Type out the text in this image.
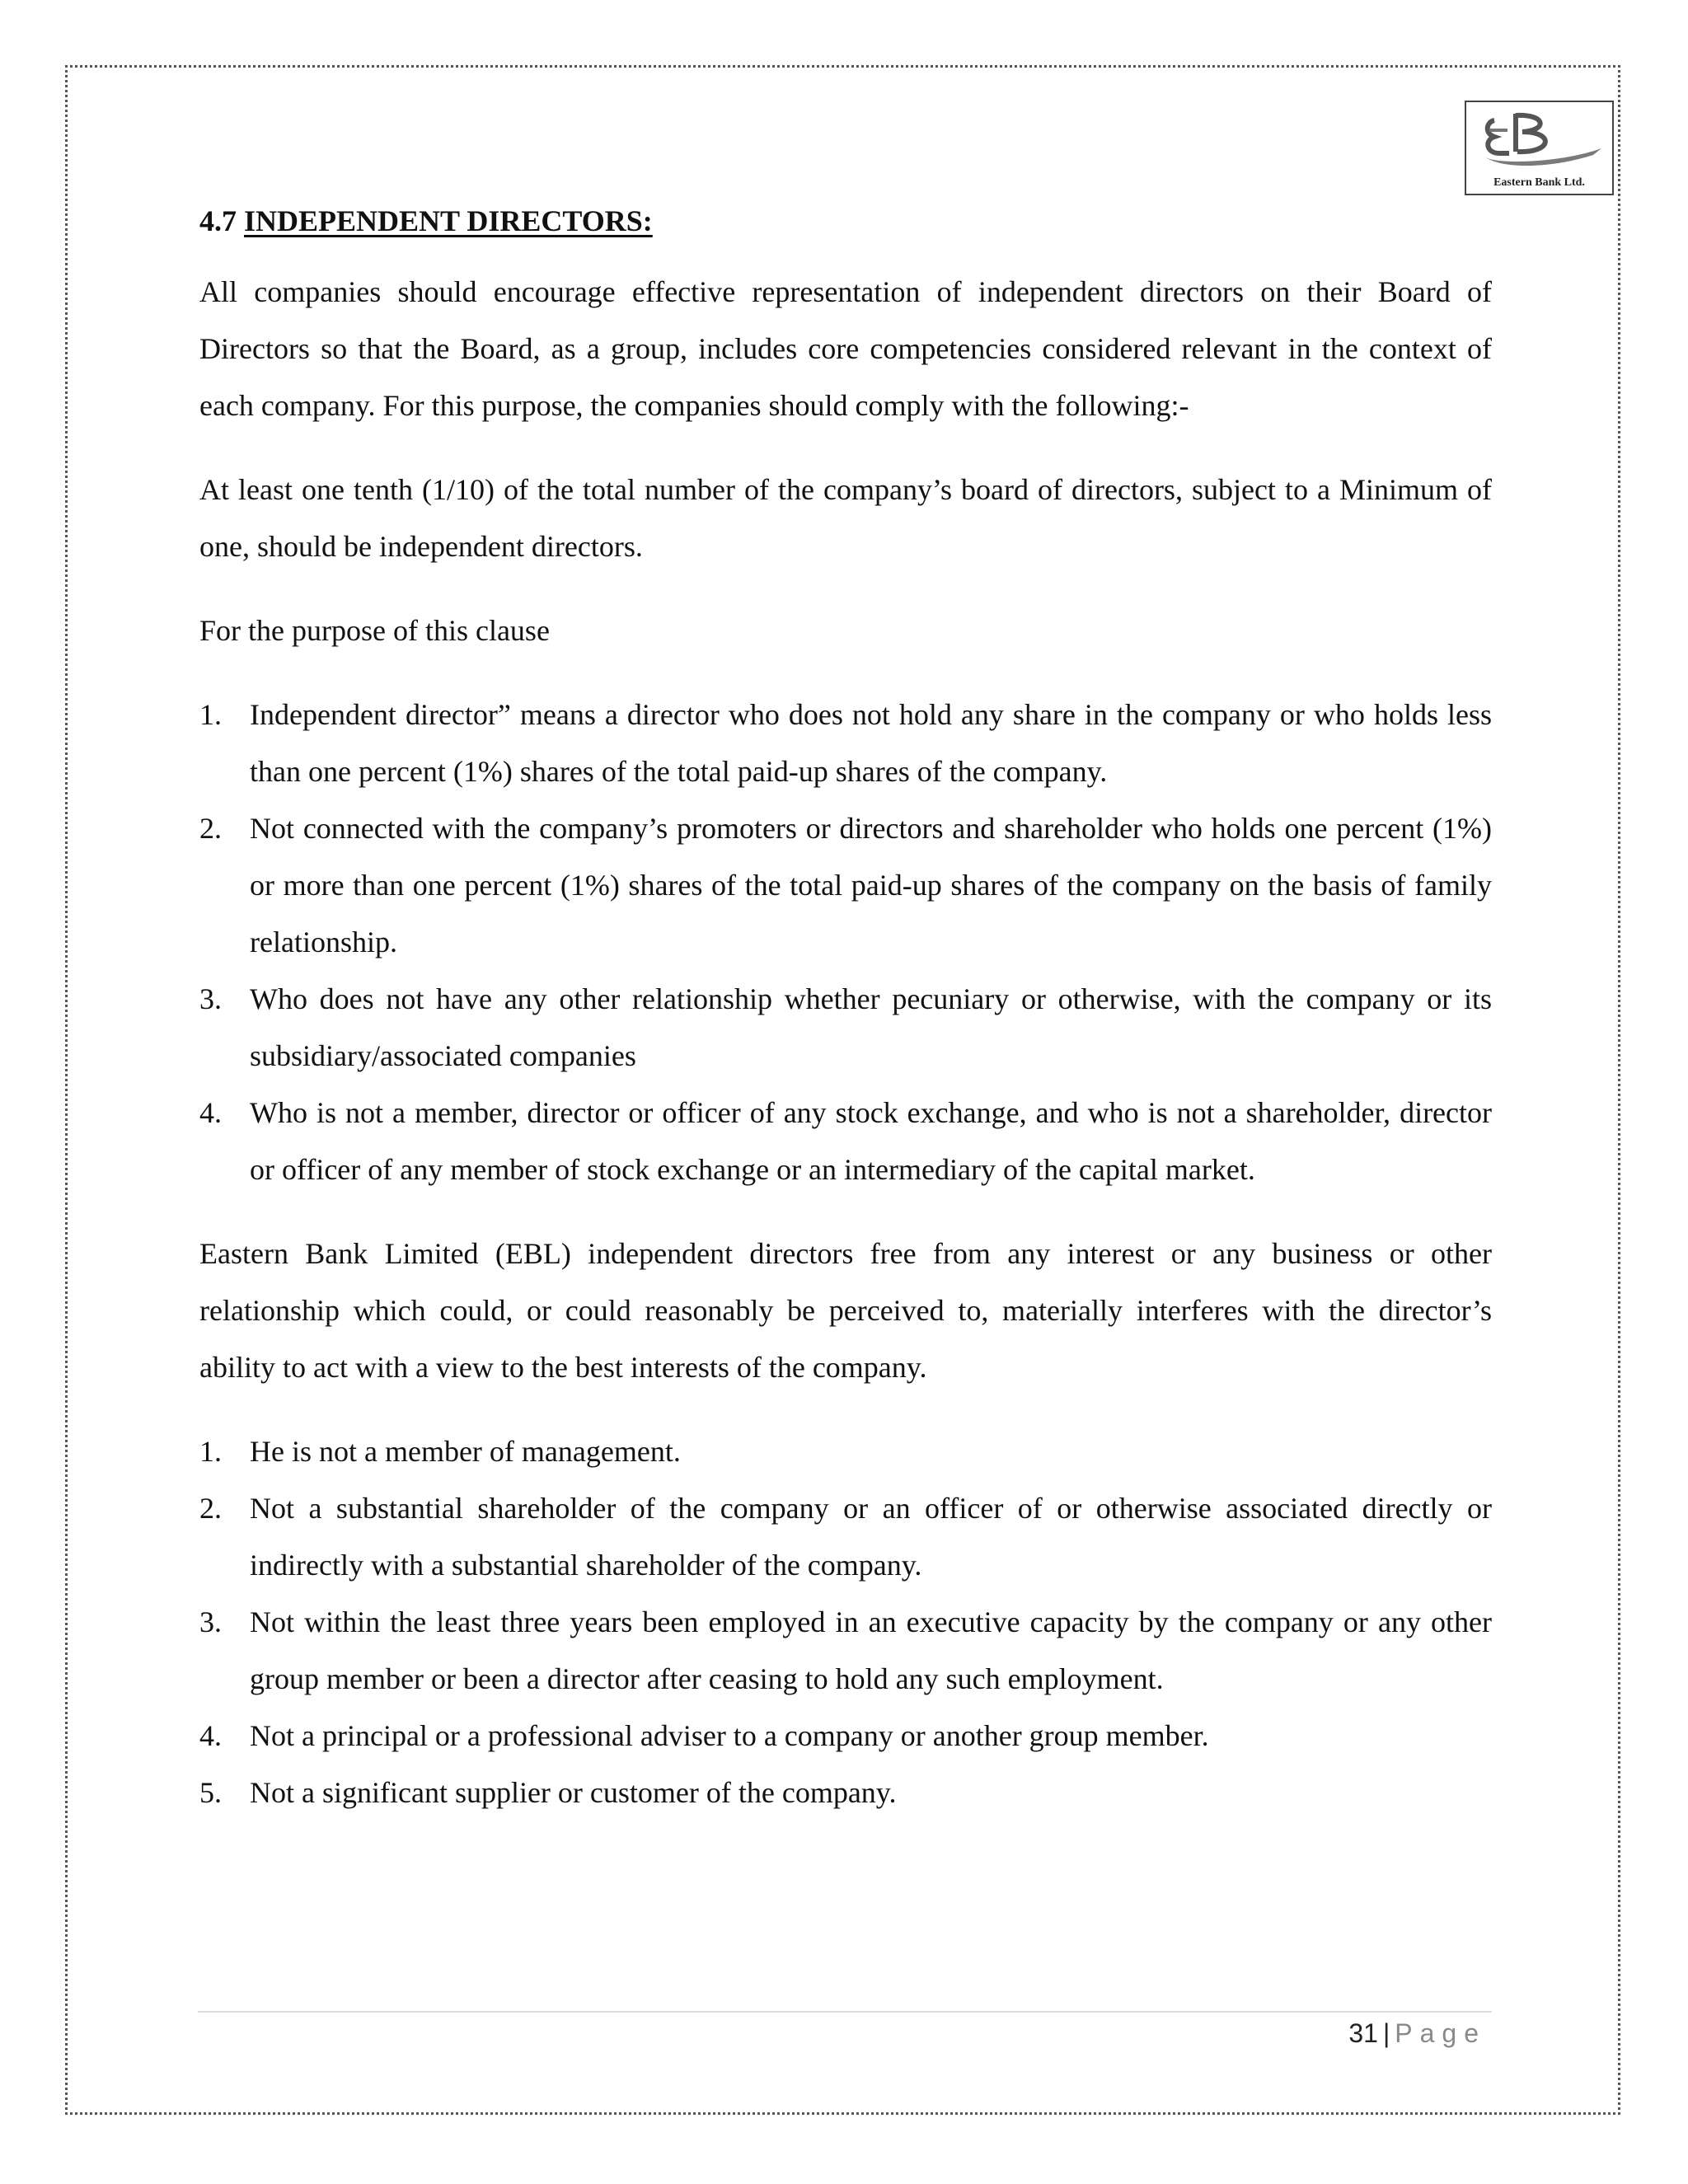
Eastern Bank Ltd.
4.7 INDEPENDENT DIRECTORS:

All companies should encourage effective representation of independent directors on their Board of Directors so that the Board, as a group, includes core competencies considered relevant in the context of each company. For this purpose, the companies should comply with the following:-

At least one tenth (1/10) of the total number of the company’s board of directors, subject to a Minimum of one, should be independent directors.

For the purpose of this clause

1. Independent director” means a director who does not hold any share in the company or who holds less than one percent (1%) shares of the total paid-up shares of the company.
2. Not connected with the company’s promoters or directors and shareholder who holds one percent (1%) or more than one percent (1%) shares of the total paid-up shares of the company on the basis of family relationship.
3. Who does not have any other relationship whether pecuniary or otherwise, with the company or its subsidiary/associated companies
4. Who is not a member, director or officer of any stock exchange, and who is not a shareholder, director or officer of any member of stock exchange or an intermediary of the capital market.

Eastern Bank Limited (EBL) independent directors free from any interest or any business or other relationship which could, or could reasonably be perceived to, materially interferes with the director’s ability to act with a view to the best interests of the company.

1. He is not a member of management.
2. Not a substantial shareholder of the company or an officer of or otherwise associated directly or indirectly with a substantial shareholder of the company.
3. Not within the least three years been employed in an executive capacity by the company or any other group member or been a director after ceasing to hold any such employment.
4. Not a principal or a professional adviser to a company or another group member.
5. Not a significant supplier or customer of the company.
31 | Page
